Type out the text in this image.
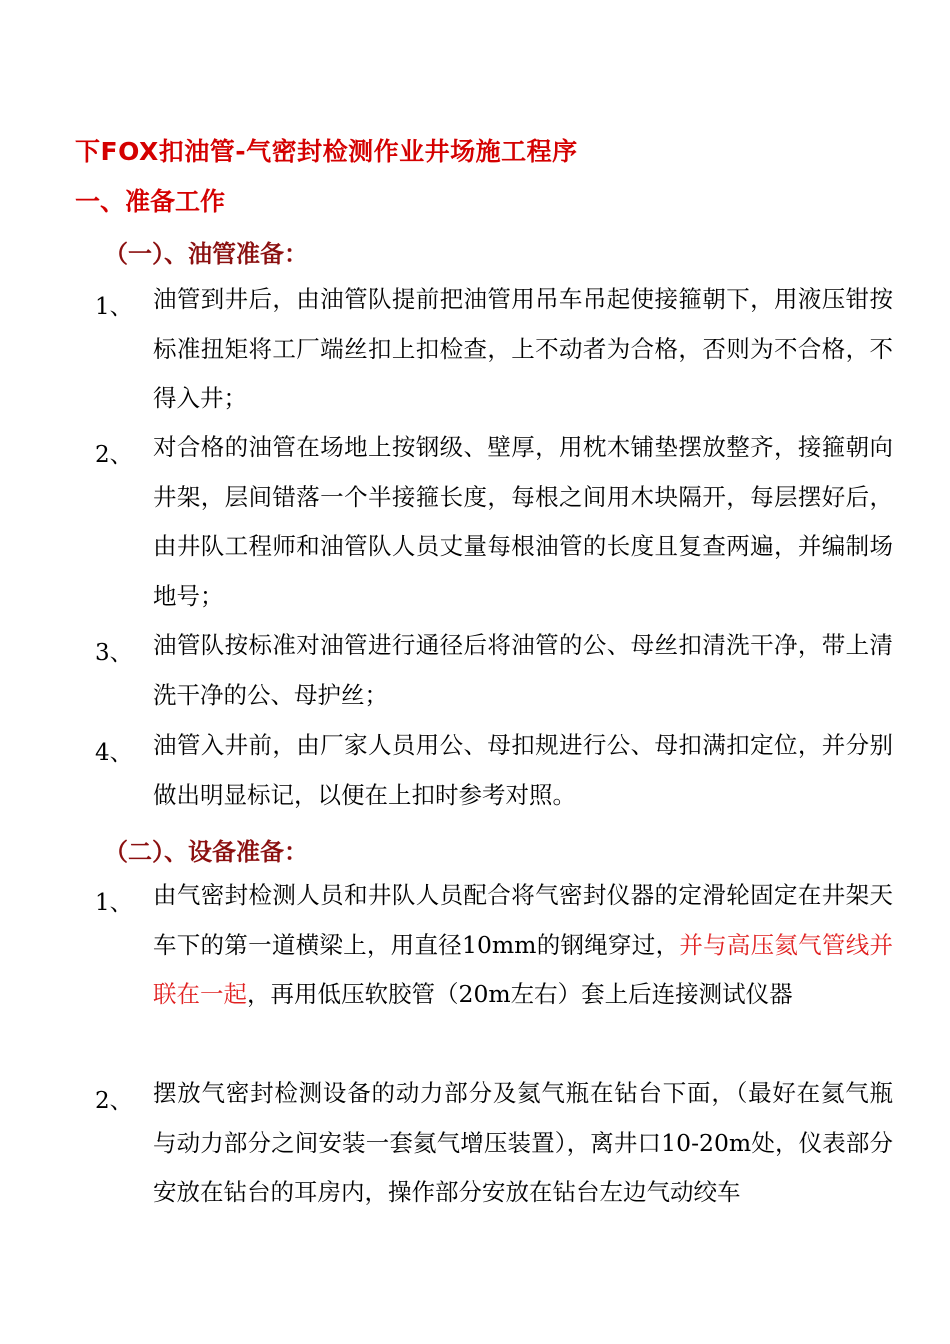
下FOX扣油管-气密封检测作业井场施工程序
一、准备工作
（一）、油管准备：
1、 油管到井后，由油管队提前把油管用吊车吊起使接箍朝下，用液压钳按标准扭矩将工厂端丝扣上扣检查，上不动者为合格，否则为不合格，不得入井；
2、 对合格的油管在场地上按钢级、壁厚，用枕木铺垫摆放整齐，接箍朝向井架，层间错落一个半接箍长度，每根之间用木块隔开，每层摆好后，由井队工程师和油管队人员丈量每根油管的长度且复查两遍，并编制场地号；
3、 油管队按标准对油管进行通径后将油管的公、母丝扣清洗干净，带上清洗干净的公、母护丝；
4、 油管入井前，由厂家人员用公、母扣规进行公、母扣满扣定位，并分别做出明显标记，以便在上扣时参考对照。
（二）、设备准备：
1、 由气密封检测人员和井队人员配合将气密封仪器的定滑轮固定在井架天车下的第一道横梁上，用直径10mm的钢绳穿过，并与高压氦气管线并联在一起，再用低压软胶管（20m左右）套上后连接测试仪器
2、 摆放气密封检测设备的动力部分及氦气瓶在钻台下面，（最好在氦气瓶与动力部分之间安装一套氦气增压装置），离井口10-20m处，仪表部分安放在钻台的耳房内，操作部分安放在钻台左边气动绞车
